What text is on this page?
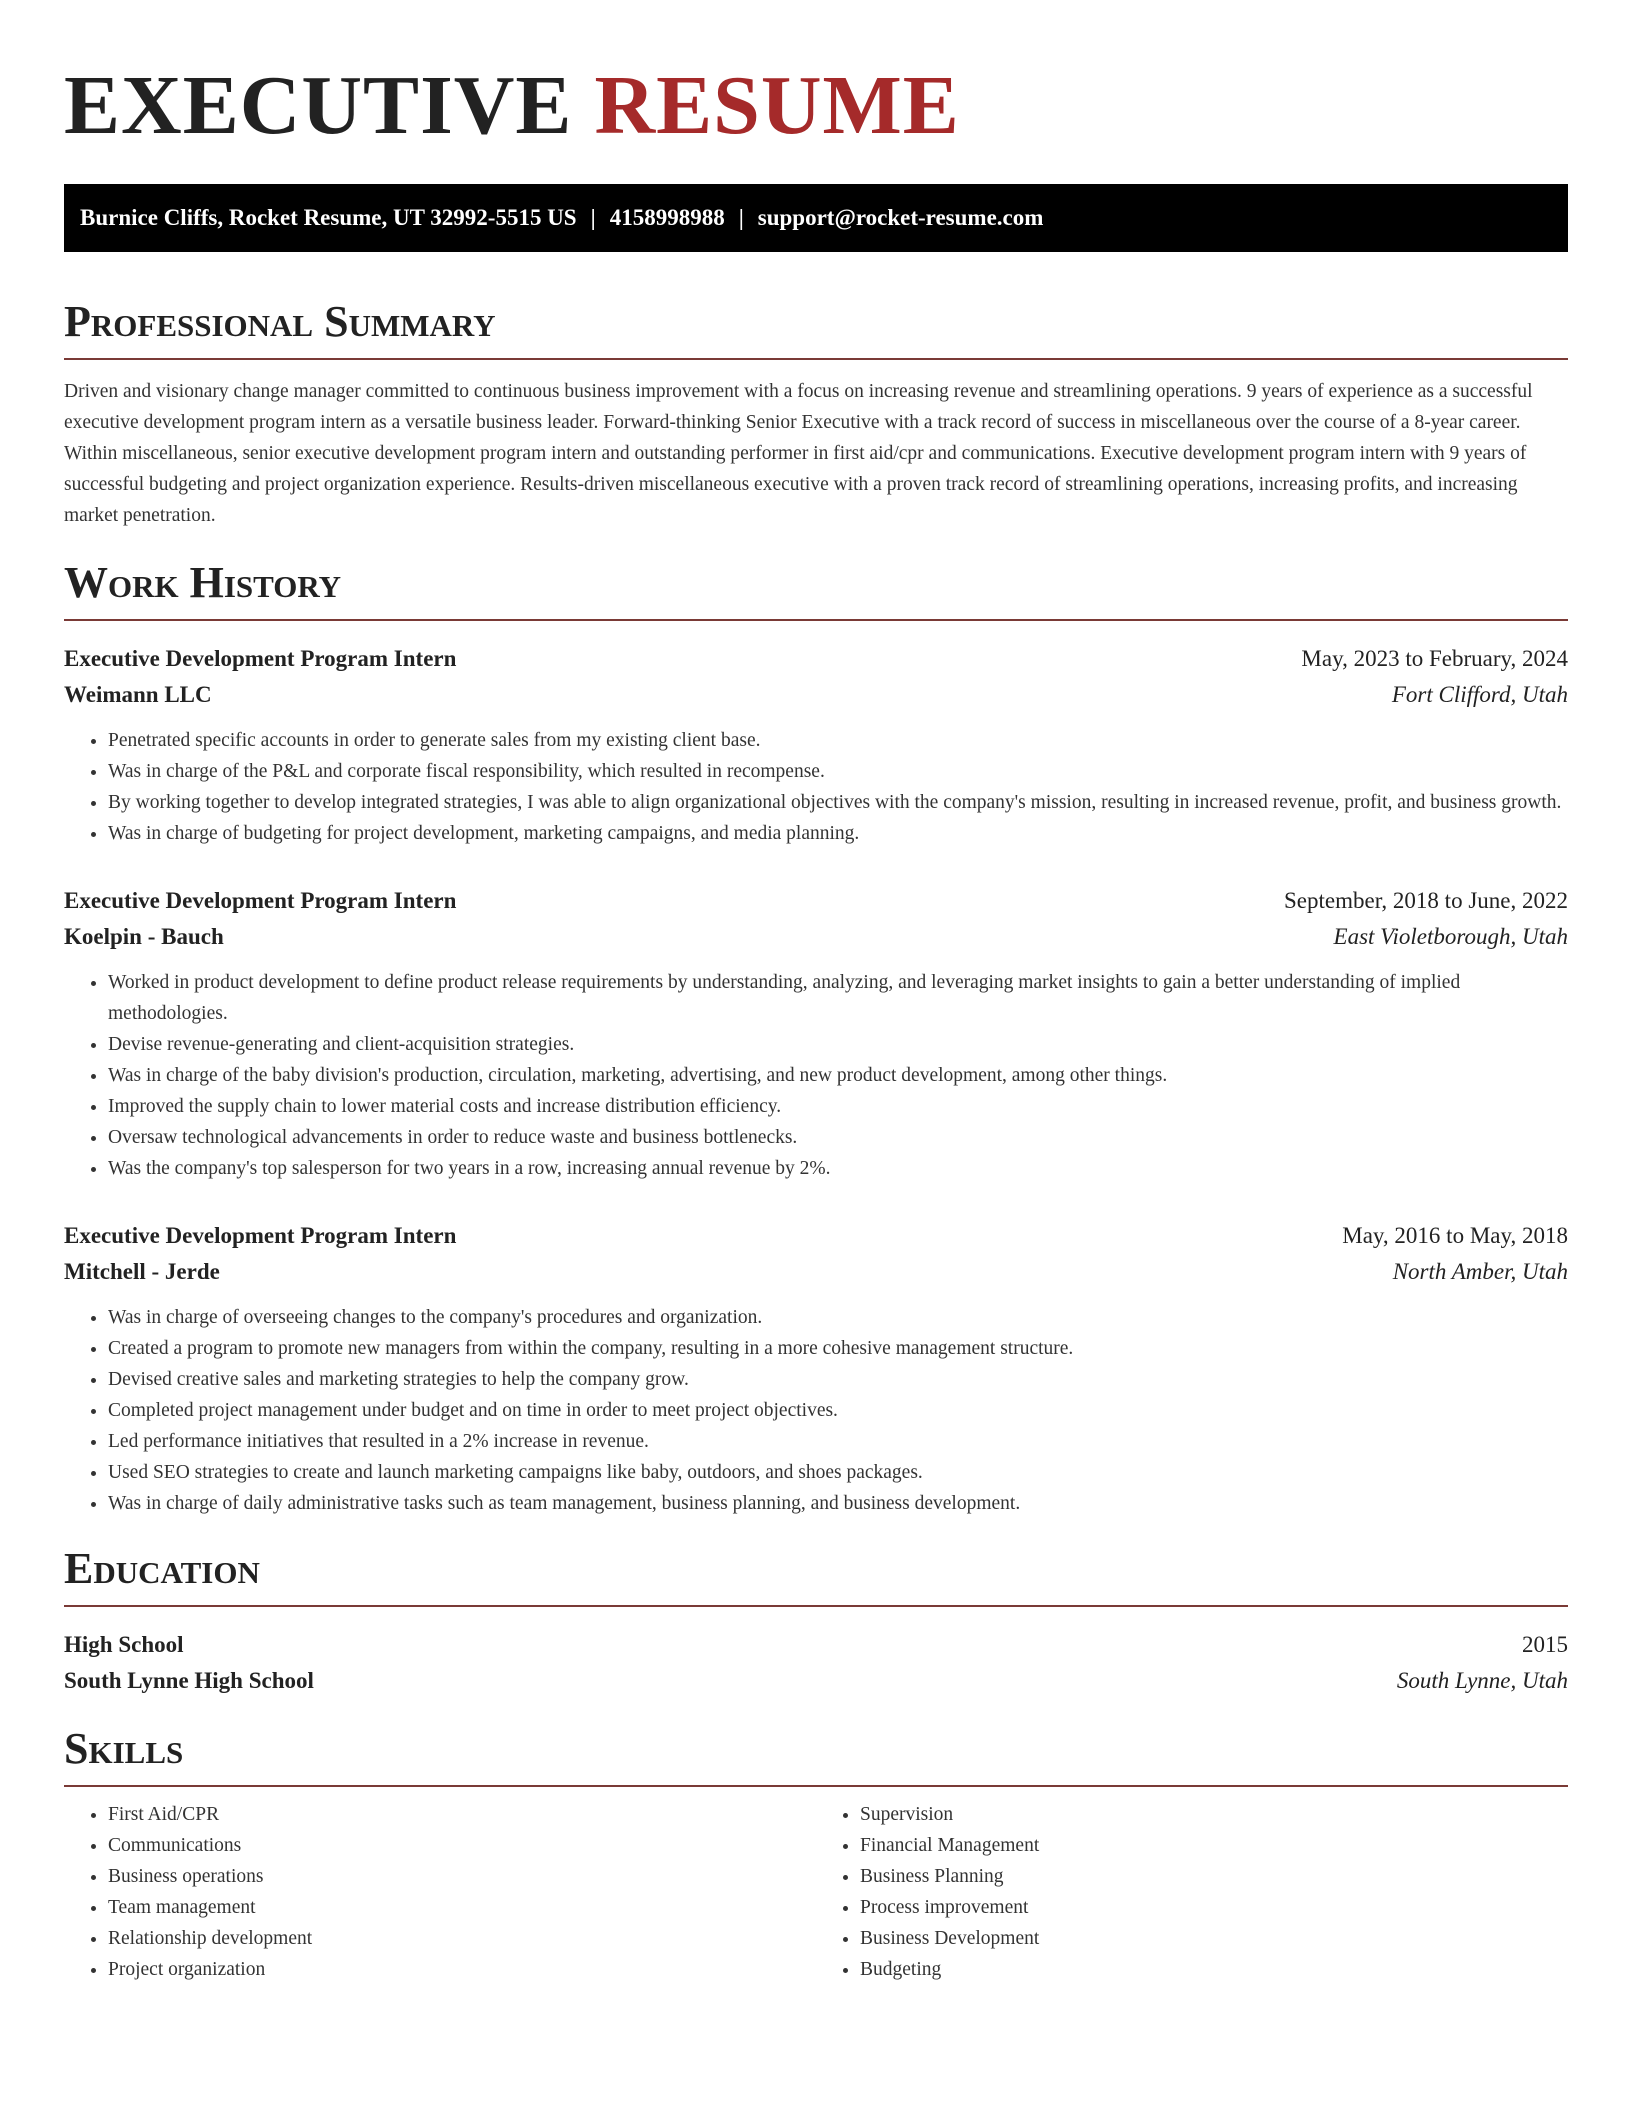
EXECUTIVE RESUME
Burnice Cliffs, Rocket Resume, UT 32992-5515 US | 4158998988 | support@rocket-resume.com
Professional Summary

Driven and visionary change manager committed to continuous business improvement with a focus on increasing revenue and streamlining operations. 9 years of experience as a successful executive development program intern as a versatile business leader. Forward-thinking Senior Executive with a track record of success in miscellaneous over the course of a 8-year career. Within miscellaneous, senior executive development program intern and outstanding performer in first aid/cpr and communications. Executive development program intern with 9 years of successful budgeting and project organization experience. Results-driven miscellaneous executive with a proven track record of streamlining operations, increasing profits, and increasing market penetration.

Work History
Executive Development Program Intern	May, 2023 to February, 2024
Weimann LLC	Fort Clifford, Utah
• Penetrated specific accounts in order to generate sales from my existing client base.
• Was in charge of the P&L and corporate fiscal responsibility, which resulted in recompense.
• By working together to develop integrated strategies, I was able to align organizational objectives with the company's mission, resulting in increased revenue, profit, and business growth.
• Was in charge of budgeting for project development, marketing campaigns, and media planning.
Executive Development Program Intern	September, 2018 to June, 2022
Koelpin - Bauch	East Violetborough, Utah
• Worked in product development to define product release requirements by understanding, analyzing, and leveraging market insights to gain a better understanding of implied methodologies.
• Devise revenue-generating and client-acquisition strategies.
• Was in charge of the baby division's production, circulation, marketing, advertising, and new product development, among other things.
• Improved the supply chain to lower material costs and increase distribution efficiency.
• Oversaw technological advancements in order to reduce waste and business bottlenecks.
• Was the company's top salesperson for two years in a row, increasing annual revenue by 2%.
Executive Development Program Intern	May, 2016 to May, 2018
Mitchell - Jerde	North Amber, Utah
• Was in charge of overseeing changes to the company's procedures and organization.
• Created a program to promote new managers from within the company, resulting in a more cohesive management structure.
• Devised creative sales and marketing strategies to help the company grow.
• Completed project management under budget and on time in order to meet project objectives.
• Led performance initiatives that resulted in a 2% increase in revenue.
• Used SEO strategies to create and launch marketing campaigns like baby, outdoors, and shoes packages.
• Was in charge of daily administrative tasks such as team management, business planning, and business development.
Education
High School	2015
South Lynne High School	South Lynne, Utah
Skills
• First Aid/CPR
• Communications
• Business operations
• Team management
• Relationship development
• Project organization
• Supervision
• Financial Management
• Business Planning
• Process improvement
• Business Development
• Budgeting
